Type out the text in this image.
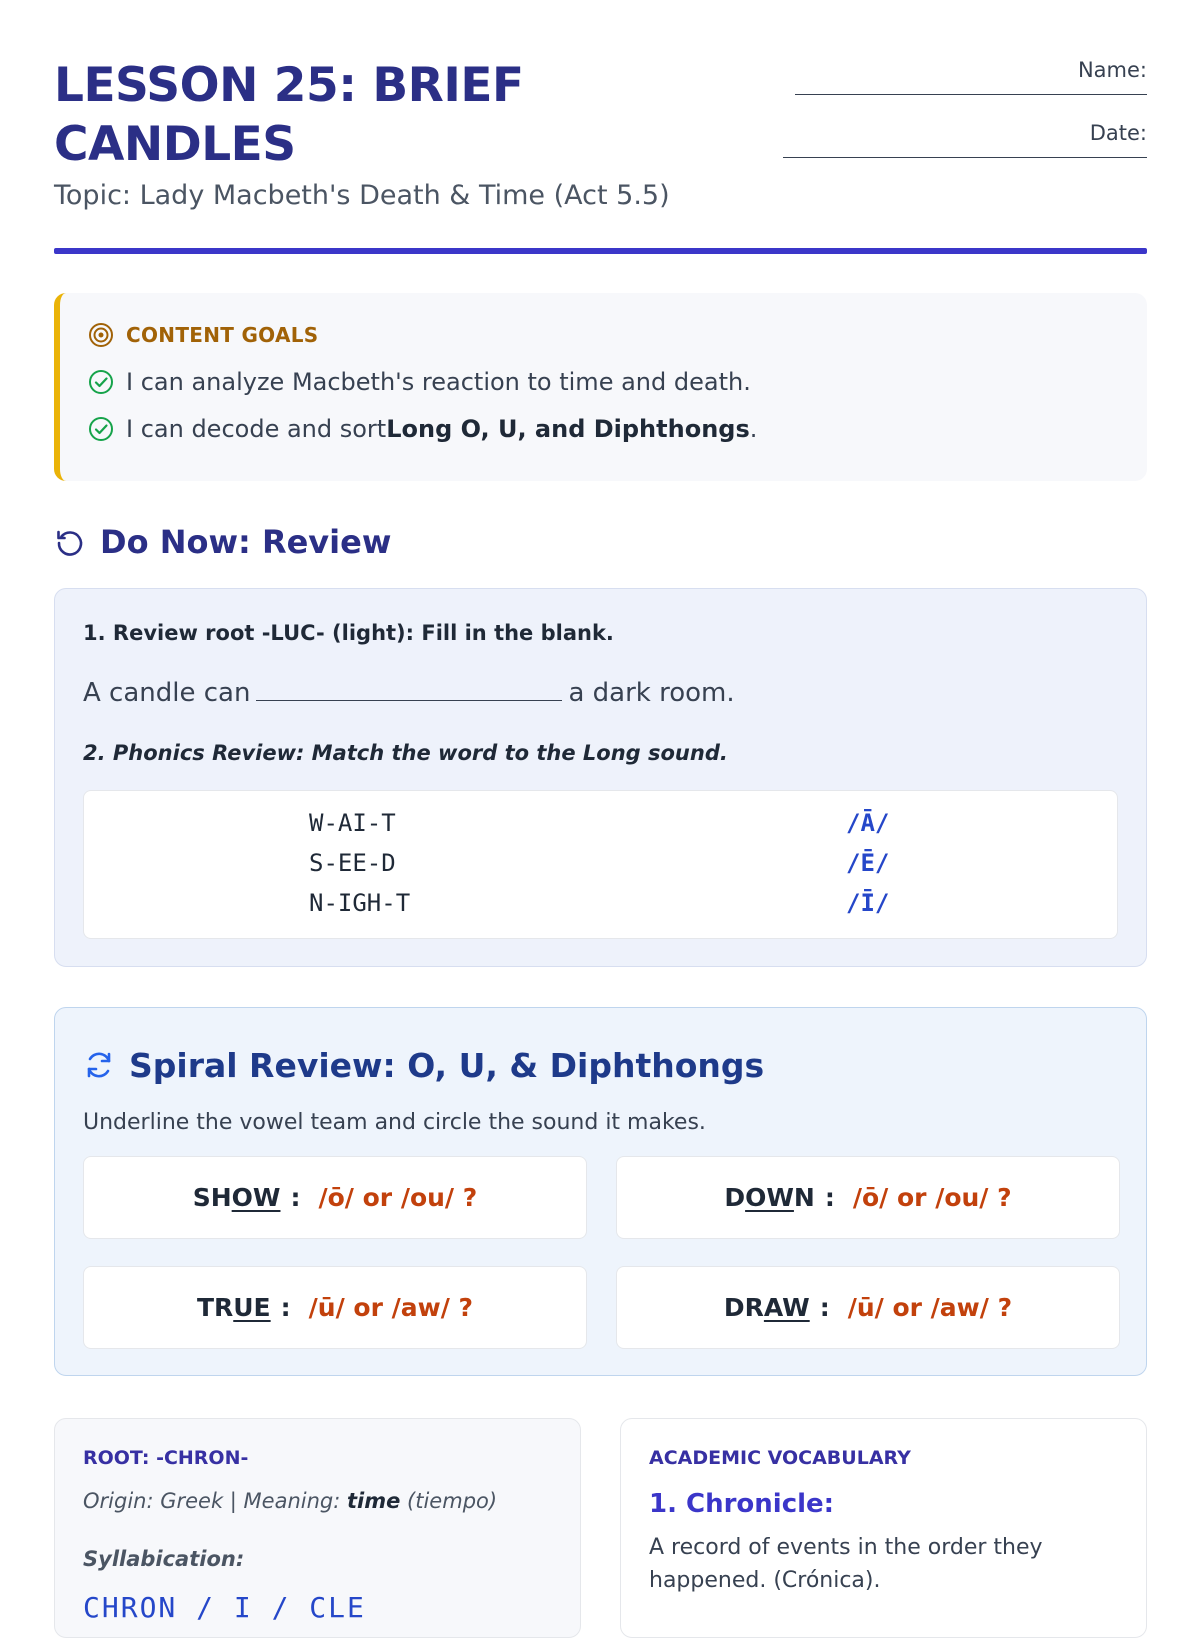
LESSON 25: BRIEF
CANDLES
Topic: Lady Macbeth's Death & Time (Act 5.5)
Name:
Date:
CONTENT GOALS
I can analyze Macbeth's reaction to time and death.
I can decode and sort Long O, U, and Diphthongs .
Do Now: Review
1. Review root -LUC- (light): Fill in the blank.
A candle can	a dark room.
2. Phonics Review: Match the word to the Long sound.
W-AI-T	/Ā/
S-EE-D	/Ē/
N-IGH-T	/Ī/
Spiral Review: O, U, & Diphthongs
Underline the vowel team and circle the sound it makes.
SH OW : /ō/ or /ou/ ?	D OW N : /ō/ or /ou/ ?
TR UE : /ū/ or /aw/ ?	DR AW : /ū/ or /aw/ ?
ROOT: -CHRON-
Origin: Greek | Meaning: time (tiempo)
Syllabication:
CHRON / I / CLE
ACADEMIC VOCABULARY
1. Chronicle:
A record of events in the order they happened. (Crónica).
